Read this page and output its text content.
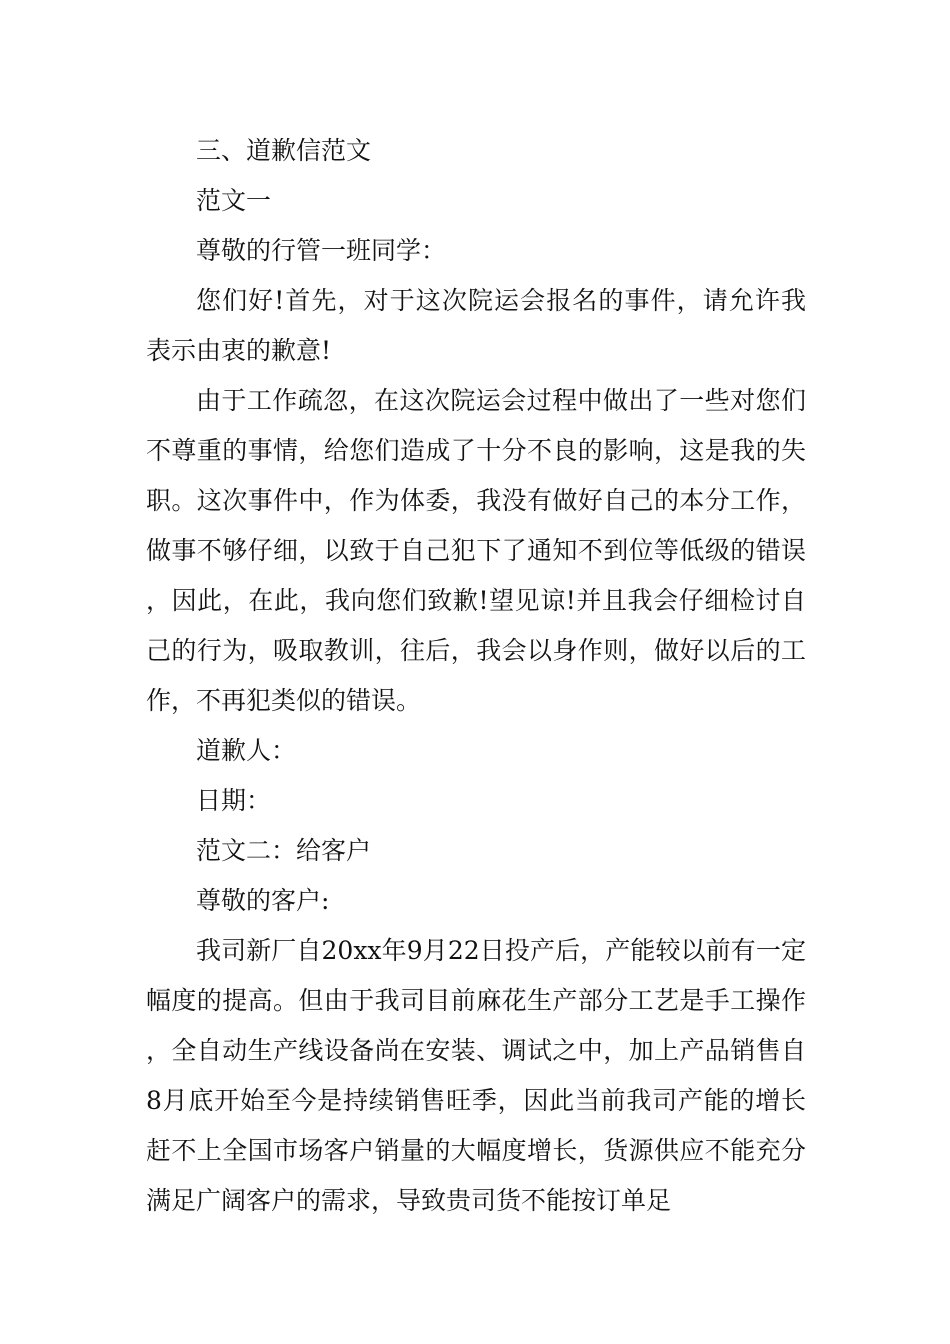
三、道歉信范文

范文一

尊敬的行管一班同学：

您们好!首先，对于这次院运会报名的事件，请允许我表示由衷的歉意!

由于工作疏忽，在这次院运会过程中做出了一些对您们不尊重的事情，给您们造成了十分不良的影响，这是我的失职。这次事件中，作为体委，我没有做好自己的本分工作，做事不够仔细，以致于自己犯下了通知不到位等低级的错误，因此，在此，我向您们致歉!望见谅!并且我会仔细检讨自己的行为，吸取教训，往后，我会以身作则，做好以后的工作，不再犯类似的错误。

道歉人：

日期：

范文二：给客户

尊敬的客户:

我司新厂自20xx年9月22日投产后，产能较以前有一定幅度的提高。但由于我司目前麻花生产部分工艺是手工操作，全自动生产线设备尚在安装、调试之中，加上产品销售自8月底开始至今是持续销售旺季，因此当前我司产能的增长赶不上全国市场客户销量的大幅度增长，货源供应不能充分满足广阔客户的需求，导致贵司货不能按订单足
